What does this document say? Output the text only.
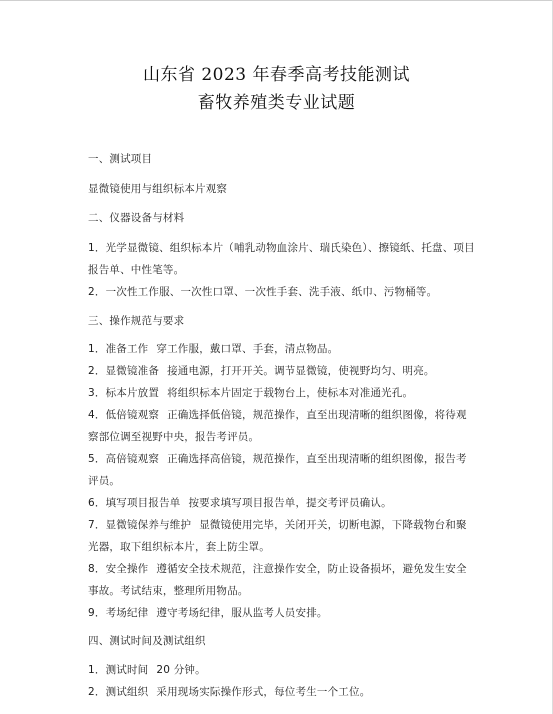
山东省 2023 年春季高考技能测试
畜牧养殖类专业试题
一、测试项目
显微镜使用与组织标本片观察
二、仪器设备与材料
1．光学显微镜、组织标本片（哺乳动物血涂片、瑞氏染色）、擦镜纸、托盘、项目
报告单、中性笔等。
2．一次性工作服、一次性口罩、一次性手套、洗手液、纸巾、污物桶等。
三、操作规范与要求
1．准备工作 穿工作服，戴口罩、手套，清点物品。
2．显微镜准备 接通电源，打开开关。调节显微镜，使视野均匀、明亮。
3．标本片放置 将组织标本片固定于载物台上，使标本对准通光孔。
4．低倍镜观察 正确选择低倍镜，规范操作，直至出现清晰的组织图像，将待观
察部位调至视野中央，报告考评员。
5．高倍镜观察 正确选择高倍镜，规范操作，直至出现清晰的组织图像，报告考
评员。
6．填写项目报告单 按要求填写项目报告单，提交考评员确认。
7．显微镜保养与维护 显微镜使用完毕，关闭开关，切断电源，下降载物台和聚
光器，取下组织标本片，套上防尘罩。
8．安全操作 遵循安全技术规范，注意操作安全，防止设备损坏，避免发生安全
事故。考试结束，整理所用物品。
9．考场纪律 遵守考场纪律，服从监考人员安排。
四、测试时间及测试组织
1．测试时间 20 分钟。
2．测试组织 采用现场实际操作形式，每位考生一个工位。
